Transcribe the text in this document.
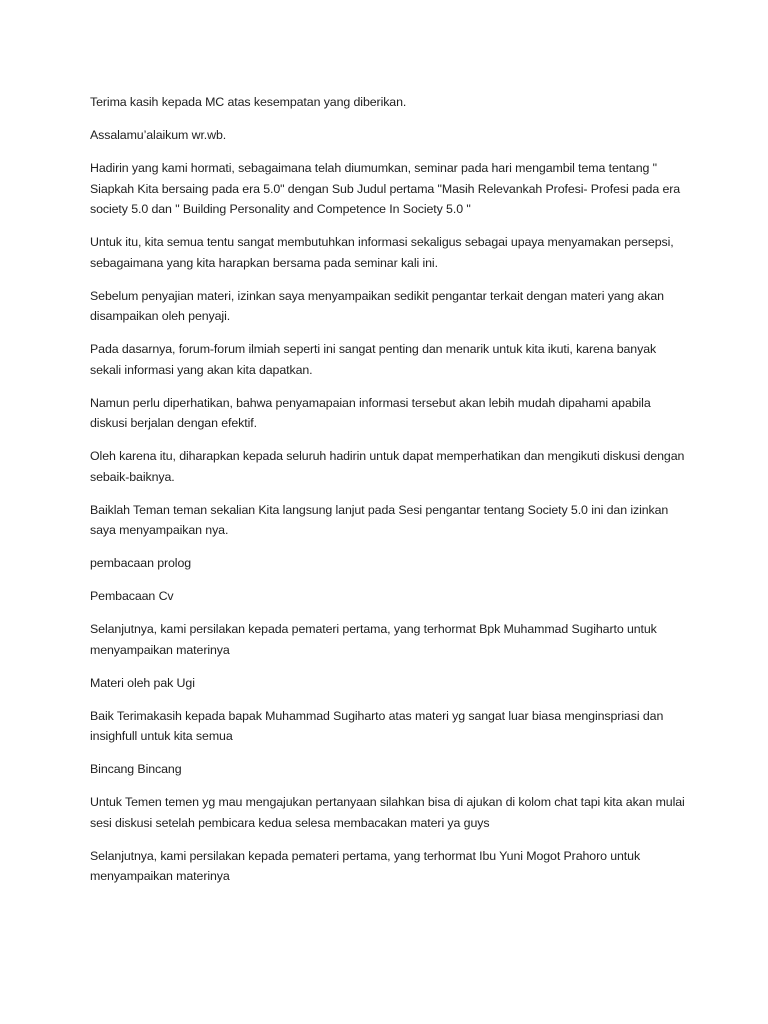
Terima kasih kepada MC atas kesempatan yang diberikan.

Assalamu’alaikum wr.wb.

Hadirin yang kami hormati, sebagaimana telah diumumkan, seminar pada hari mengambil tema tentang " Siapkah Kita bersaing pada era 5.0" dengan Sub Judul pertama "Masih Relevankah Profesi- Profesi pada era society 5.0 dan " Building Personality and Competence In Society 5.0 "

Untuk itu, kita semua tentu sangat membutuhkan informasi sekaligus sebagai upaya menyamakan persepsi, sebagaimana yang kita harapkan bersama pada seminar kali ini.

Sebelum penyajian materi, izinkan saya menyampaikan sedikit pengantar terkait dengan materi yang akan disampaikan oleh penyaji.

Pada dasarnya, forum-forum ilmiah seperti ini sangat penting dan menarik untuk kita ikuti, karena banyak sekali informasi yang akan kita dapatkan.

Namun perlu diperhatikan, bahwa penyamapaian informasi tersebut akan lebih mudah dipahami apabila diskusi berjalan dengan efektif.

Oleh karena itu, diharapkan kepada seluruh hadirin untuk dapat memperhatikan dan mengikuti diskusi dengan sebaik-baiknya.

Baiklah Teman teman sekalian Kita langsung lanjut pada Sesi pengantar tentang Society 5.0 ini dan izinkan saya menyampaikan nya.

pembacaan prolog

Pembacaan Cv

Selanjutnya, kami persilakan kepada pemateri pertama, yang terhormat Bpk Muhammad Sugiharto untuk menyampaikan materinya

Materi oleh pak Ugi

Baik Terimakasih kepada bapak Muhammad Sugiharto atas materi yg sangat luar biasa menginspriasi dan insighfull untuk kita semua

Bincang Bincang

Untuk Temen temen yg mau mengajukan pertanyaan silahkan bisa di ajukan di kolom chat tapi kita akan mulai sesi diskusi setelah pembicara kedua selesa membacakan materi ya guys

Selanjutnya, kami persilakan kepada pemateri pertama, yang terhormat Ibu Yuni Mogot Prahoro untuk menyampaikan materinya
